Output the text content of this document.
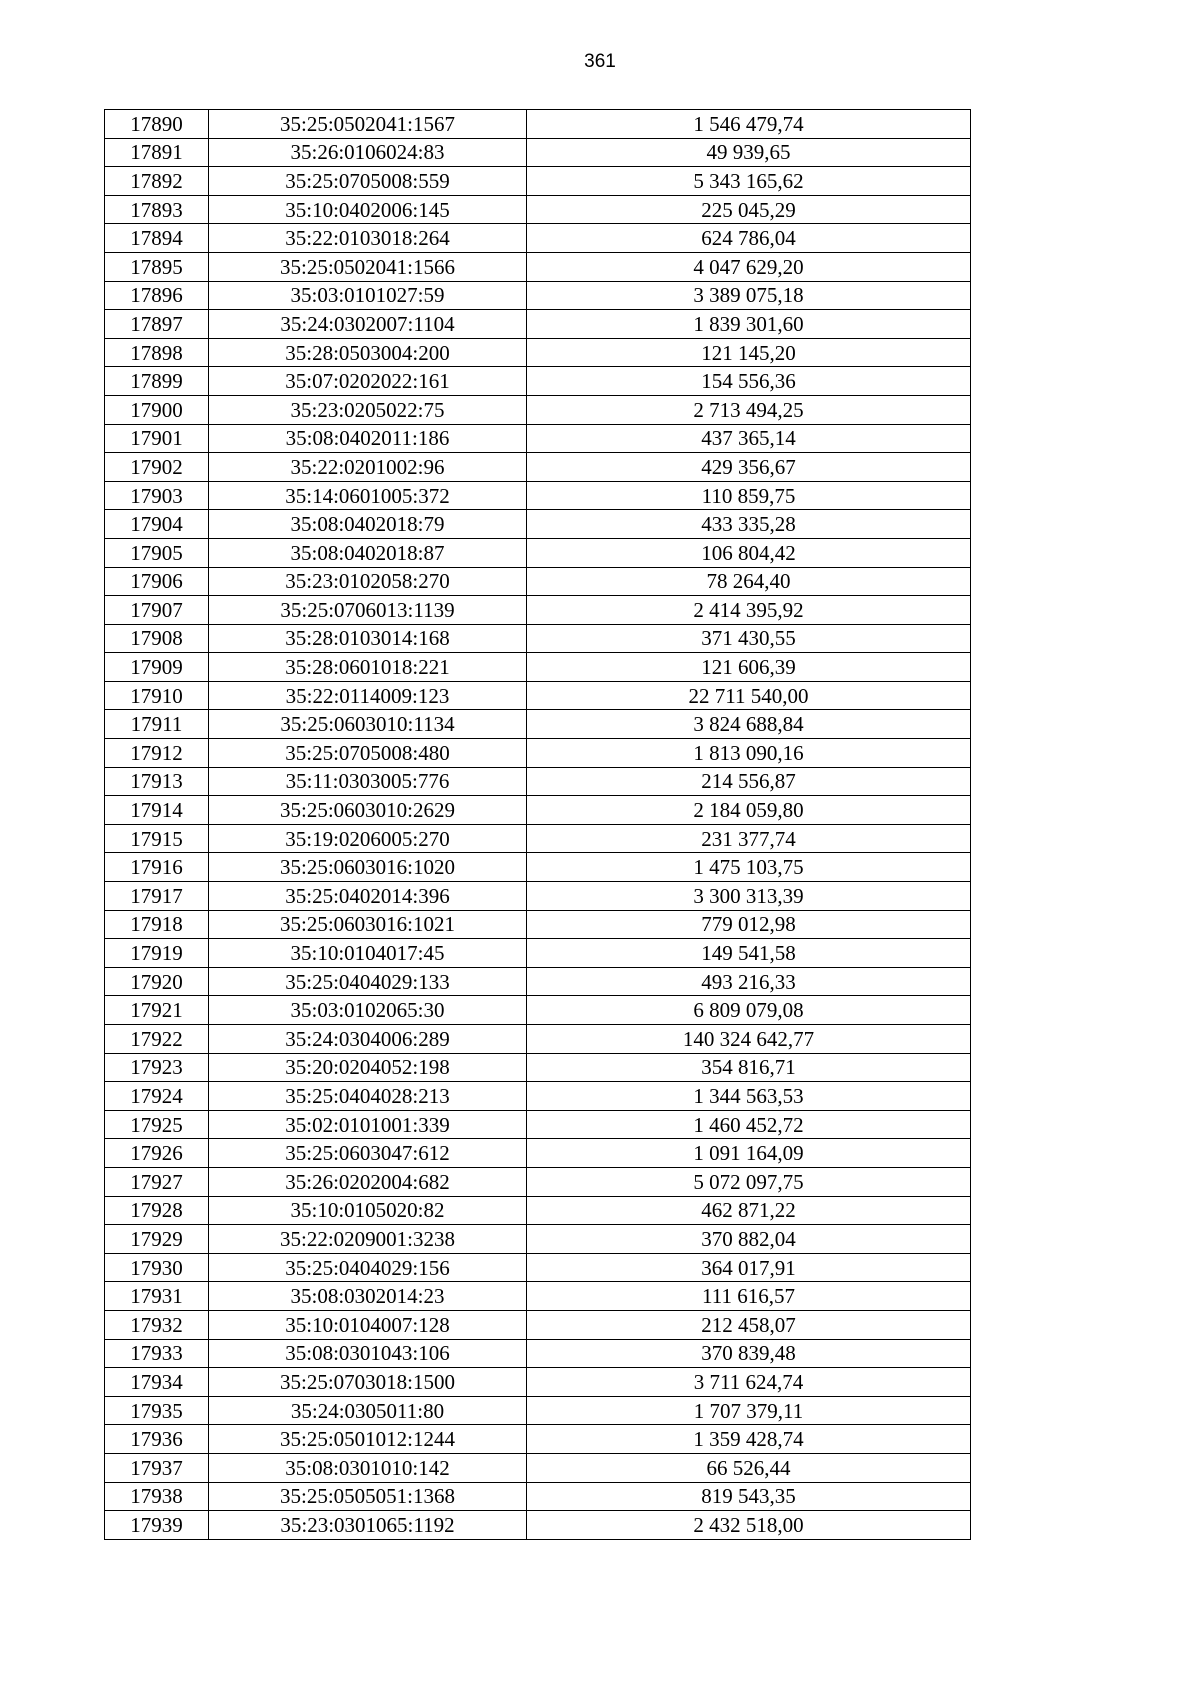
361
17890	35:25:0502041:1567	1 546 479,74
17891	35:26:0106024:83	49 939,65
17892	35:25:0705008:559	5 343 165,62
17893	35:10:0402006:145	225 045,29
17894	35:22:0103018:264	624 786,04
17895	35:25:0502041:1566	4 047 629,20
17896	35:03:0101027:59	3 389 075,18
17897	35:24:0302007:1104	1 839 301,60
17898	35:28:0503004:200	121 145,20
17899	35:07:0202022:161	154 556,36
17900	35:23:0205022:75	2 713 494,25
17901	35:08:0402011:186	437 365,14
17902	35:22:0201002:96	429 356,67
17903	35:14:0601005:372	110 859,75
17904	35:08:0402018:79	433 335,28
17905	35:08:0402018:87	106 804,42
17906	35:23:0102058:270	78 264,40
17907	35:25:0706013:1139	2 414 395,92
17908	35:28:0103014:168	371 430,55
17909	35:28:0601018:221	121 606,39
17910	35:22:0114009:123	22 711 540,00
17911	35:25:0603010:1134	3 824 688,84
17912	35:25:0705008:480	1 813 090,16
17913	35:11:0303005:776	214 556,87
17914	35:25:0603010:2629	2 184 059,80
17915	35:19:0206005:270	231 377,74
17916	35:25:0603016:1020	1 475 103,75
17917	35:25:0402014:396	3 300 313,39
17918	35:25:0603016:1021	779 012,98
17919	35:10:0104017:45	149 541,58
17920	35:25:0404029:133	493 216,33
17921	35:03:0102065:30	6 809 079,08
17922	35:24:0304006:289	140 324 642,77
17923	35:20:0204052:198	354 816,71
17924	35:25:0404028:213	1 344 563,53
17925	35:02:0101001:339	1 460 452,72
17926	35:25:0603047:612	1 091 164,09
17927	35:26:0202004:682	5 072 097,75
17928	35:10:0105020:82	462 871,22
17929	35:22:0209001:3238	370 882,04
17930	35:25:0404029:156	364 017,91
17931	35:08:0302014:23	111 616,57
17932	35:10:0104007:128	212 458,07
17933	35:08:0301043:106	370 839,48
17934	35:25:0703018:1500	3 711 624,74
17935	35:24:0305011:80	1 707 379,11
17936	35:25:0501012:1244	1 359 428,74
17937	35:08:0301010:142	66 526,44
17938	35:25:0505051:1368	819 543,35
17939	35:23:0301065:1192	2 432 518,00
